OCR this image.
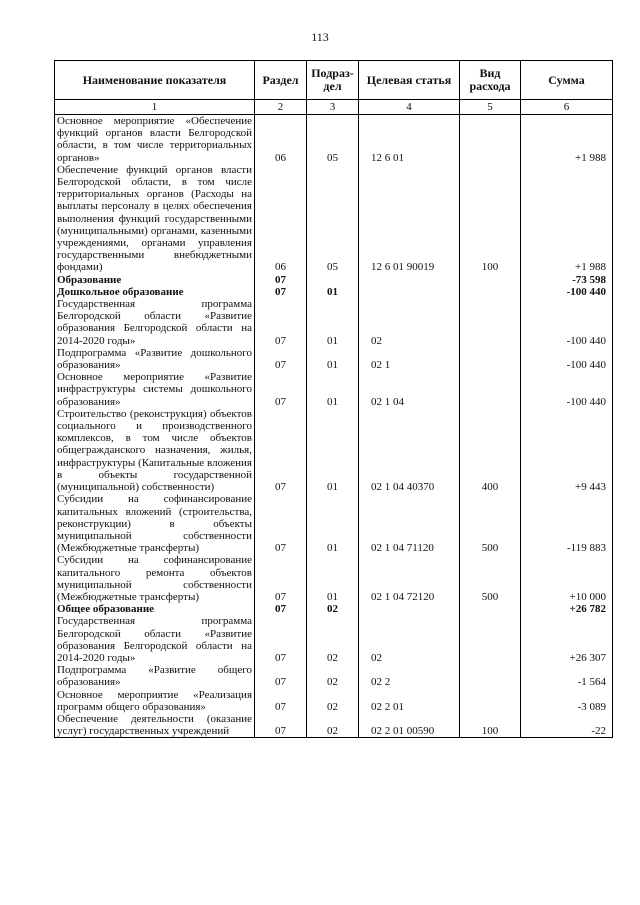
113
Наименование показателя	Раздел	Подраз-дел	Целевая статья	Вид расхода	Сумма
1	2	3	4	5	6
Основное мероприятие «Обеспечение функций органов власти Белгородской области, в том числе территориальных органов»	06	05	12 6 01		+1 988
Обеспечение функций органов власти Белгородской области, в том числе территориальных органов (Расходы на выплаты персоналу в целях обеспечения выполнения функций государственными (муниципальными) органами, казенными учреждениями, органами управления государственными внебюджетными фондами)	06	05	12 6 01 90019	100	+1 988
Образование	07				-73 598
Дошкольное образование	07	01			-100 440
Государственная программа Белгородской области «Развитие образования Белгородской области на 2014-2020 годы»	07	01	02		-100 440
Подпрограмма «Развитие дошкольного образования»	07	01	02 1		-100 440
Основное мероприятие «Развитие инфраструктуры системы дошкольного образования»	07	01	02 1 04		-100 440
Строительство (реконструкция) объектов социального и производственного комплексов, в том числе объектов общегражданского назначения, жилья, инфраструктуры (Капитальные вложения в объекты государственной (муниципальной) собственности)	07	01	02 1 04 40370	400	+9 443
Субсидии на софинансирование капитальных вложений (строительства, реконструкции) в объекты муниципальной собственности (Межбюджетные трансферты)	07	01	02 1 04 71120	500	-119 883
Субсидии на софинансирование капитального ремонта объектов муниципальной собственности (Межбюджетные трансферты)	07	01	02 1 04 72120	500	+10 000
Общее образование	07	02			+26 782
Государственная программа Белгородской области «Развитие образования Белгородской области на 2014-2020 годы»	07	02	02		+26 307
Подпрограмма «Развитие общего образования»	07	02	02 2		-1 564
Основное мероприятие «Реализация программ общего образования»	07	02	02 2 01		-3 089
Обеспечение деятельности (оказание услуг) государственных учреждений	07	02	02 2 01 00590	100	-22
